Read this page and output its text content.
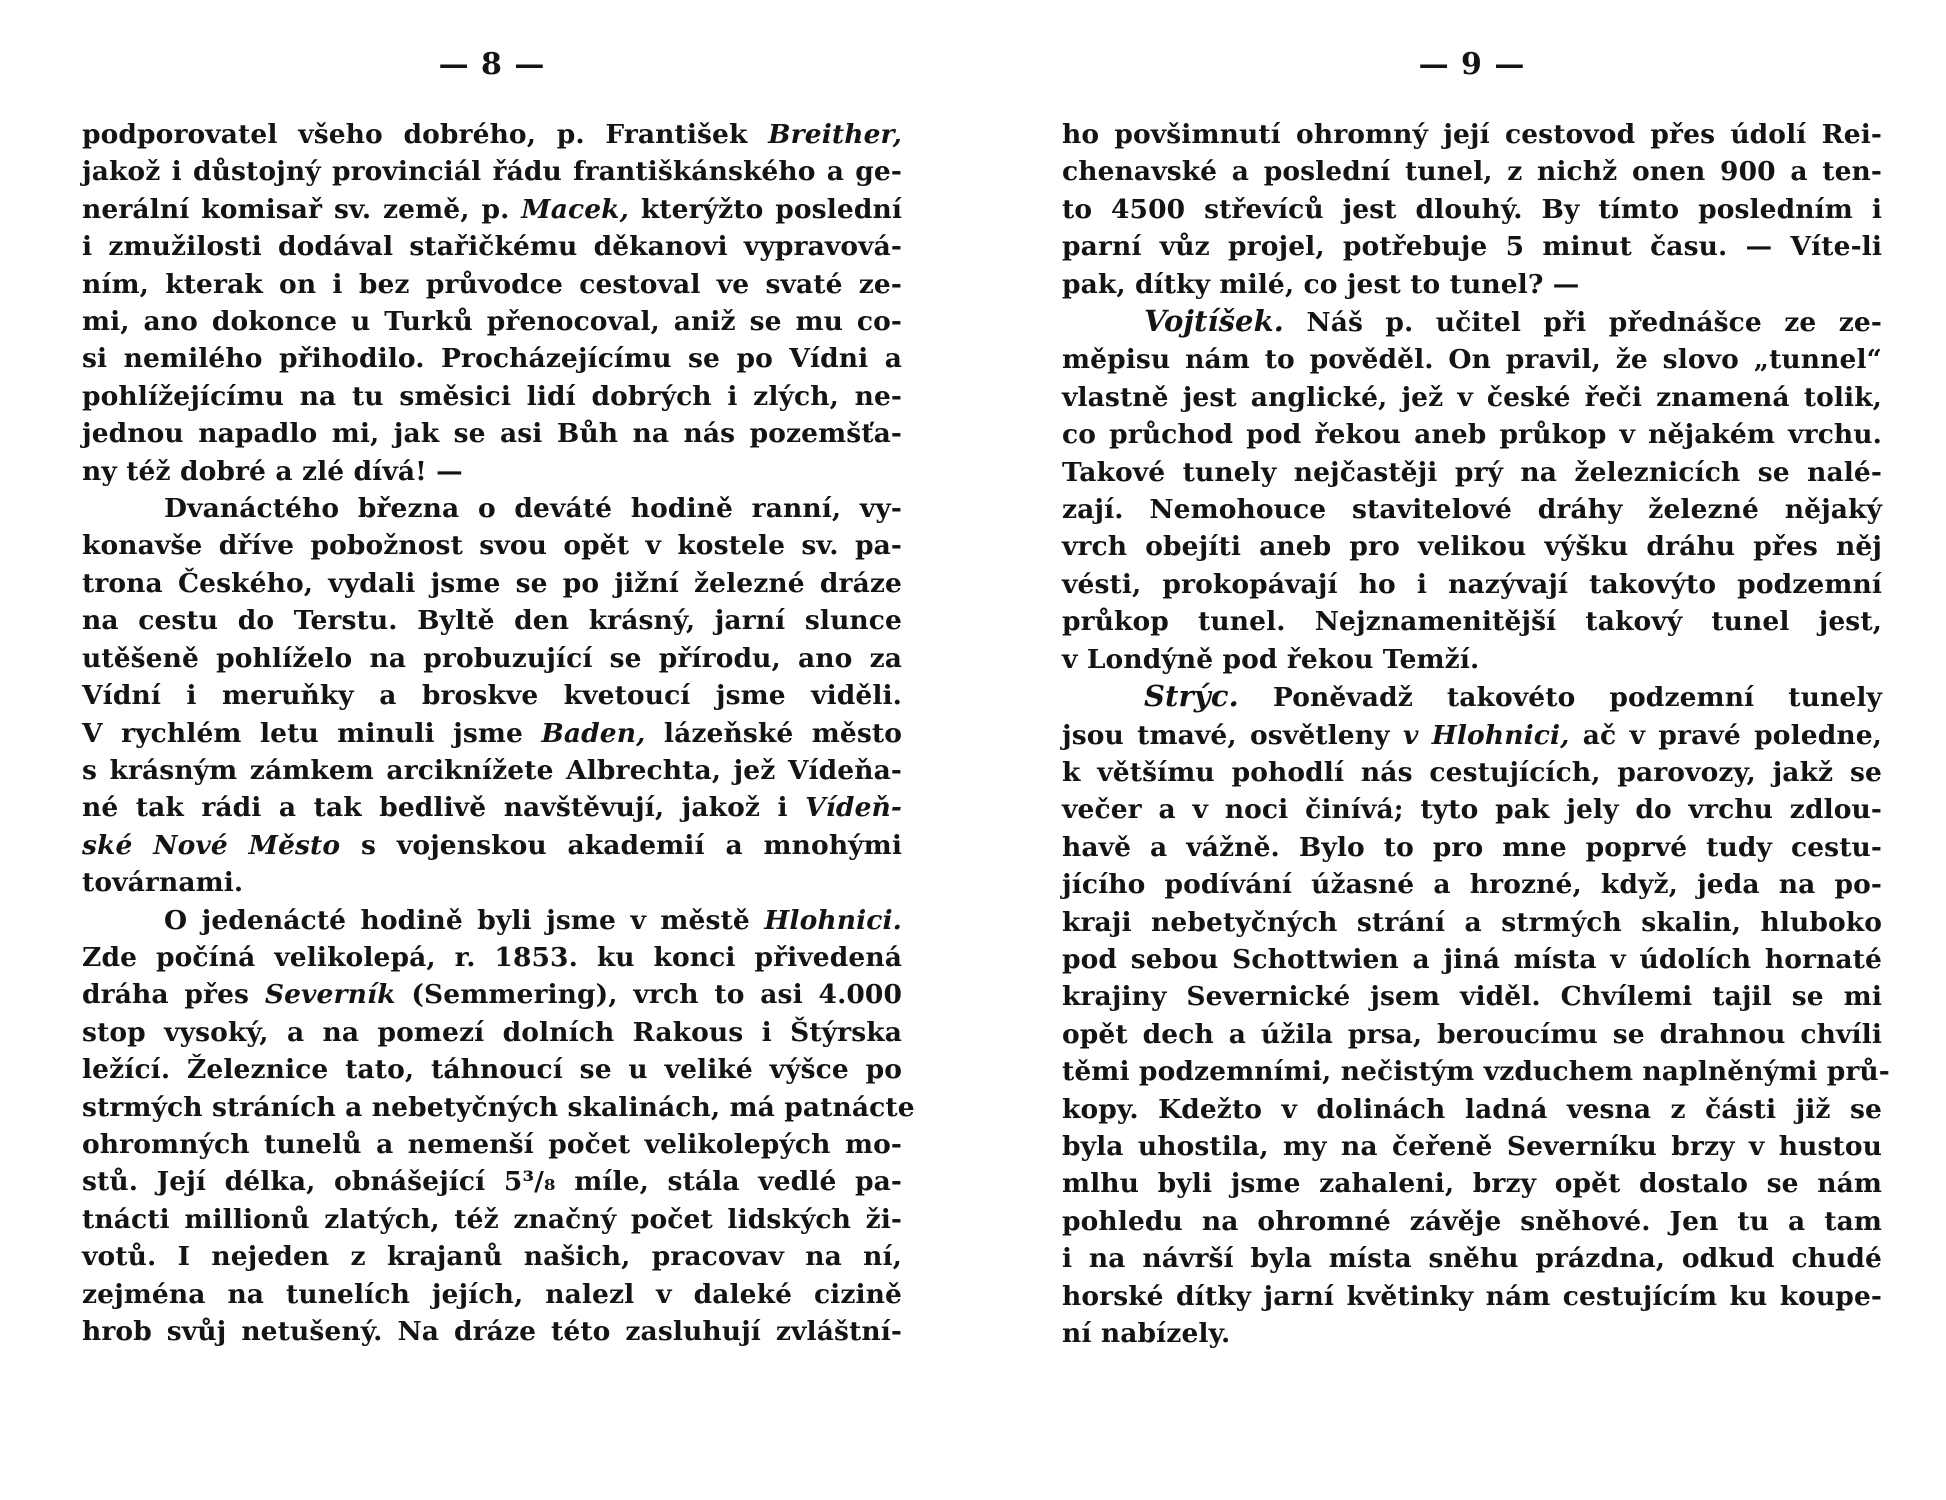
— 8 —
podporovatel všeho dobrého, p. František Breither,
jakož i důstojný provinciál řádu františkánského a ge-
nerální komisař sv. země, p. Macek, kterýžto poslední
i zmužilosti dodával stařičkému děkanovi vypravová-
ním, kterak on i bez průvodce cestoval ve svaté ze-
mi, ano dokonce u Turků přenocoval, aniž se mu co-
si nemilého přihodilo. Procházejícímu se po Vídni a
pohlížejícímu na tu směsici lidí dobrých i zlých, ne-
jednou napadlo mi, jak se asi Bůh na nás pozemšťa-
ny též dobré a zlé dívá! —
Dvanáctého března o deváté hodině ranní, vy-
konavše dříve pobožnost svou opět v kostele sv. pa-
trona Českého, vydali jsme se po jižní železné dráze
na cestu do Terstu. Byltě den krásný, jarní slunce
utěšeně pohlíželo na probuzující se přírodu, ano za
Vídní i meruňky a broskve kvetoucí jsme viděli.
V rychlém letu minuli jsme Baden, lázeňské město
s krásným zámkem arciknížete Albrechta, jež Vídeňa-
né tak rádi a tak bedlivě navštěvují, jakož i Vídeň-
ské Nové Město s vojenskou akademií a mnohými
továrnami.
O jedenácté hodině byli jsme v městě Hlohnici.
Zde počíná velikolepá, r. 1853. ku konci přivedená
dráha přes Severník (Semmering), vrch to asi 4.000
stop vysoký, a na pomezí dolních Rakous i Štýrska
ležící. Železnice tato, táhnoucí se u veliké výšce po
strmých stráních a nebetyčných skalinách, má patnácte
ohromných tunelů a nemenší počet velikolepých mo-
stů. Její délka, obnášející 5³/₈ míle, stála vedlé pa-
tnácti millionů zlatých, též značný počet lidských ži-
votů. I nejeden z krajanů našich, pracovav na ní,
zejména na tunelích jejích, nalezl v daleké cizině
hrob svůj netušený. Na dráze této zasluhují zvláštní-
— 9 —
ho povšimnutí ohromný její cestovod přes údolí Rei-
chenavské a poslední tunel, z nichž onen 900 a ten-
to 4500 střevíců jest dlouhý. By tímto posledním i
parní vůz projel, potřebuje 5 minut času. — Víte-li
pak, dítky milé, co jest to tunel? —
Vojtíšek. Náš p. učitel při přednášce ze ze-
měpisu nám to pověděl. On pravil, že slovo „tunnel“
vlastně jest anglické, jež v české řeči znamená tolik,
co průchod pod řekou aneb průkop v nějakém vrchu.
Takové tunely nejčastěji prý na železnicích se nalé-
zají. Nemohouce stavitelové dráhy železné nějaký
vrch obejíti aneb pro velikou výšku dráhu přes něj
vésti, prokopávají ho i nazývají takovýto podzemní
průkop tunel. Nejznamenitější takový tunel jest,
v Londýně pod řekou Temží.
Strýc. Poněvadž takovéto podzemní tunely
jsou tmavé, osvětleny v Hlohnici, ač v pravé poledne,
k většímu pohodlí nás cestujících, parovozy, jakž se
večer a v noci činívá; tyto pak jely do vrchu zdlou-
havě a vážně. Bylo to pro mne poprvé tudy cestu-
jícího podívání úžasné a hrozné, když, jeda na po-
kraji nebetyčných strání a strmých skalin, hluboko
pod sebou Schottwien a jiná místa v údolích hornaté
krajiny Severnické jsem viděl. Chvílemi tajil se mi
opět dech a úžila prsa, beroucímu se drahnou chvíli
těmi podzemními, nečistým vzduchem naplněnými prů-
kopy. Kdežto v dolinách ladná vesna z části již se
byla uhostila, my na čeřeně Severníku brzy v hustou
mlhu byli jsme zahaleni, brzy opět dostalo se nám
pohledu na ohromné závěje sněhové. Jen tu a tam
i na návrší byla místa sněhu prázdna, odkud chudé
horské dítky jarní květinky nám cestujícím ku koupe-
ní nabízely.
